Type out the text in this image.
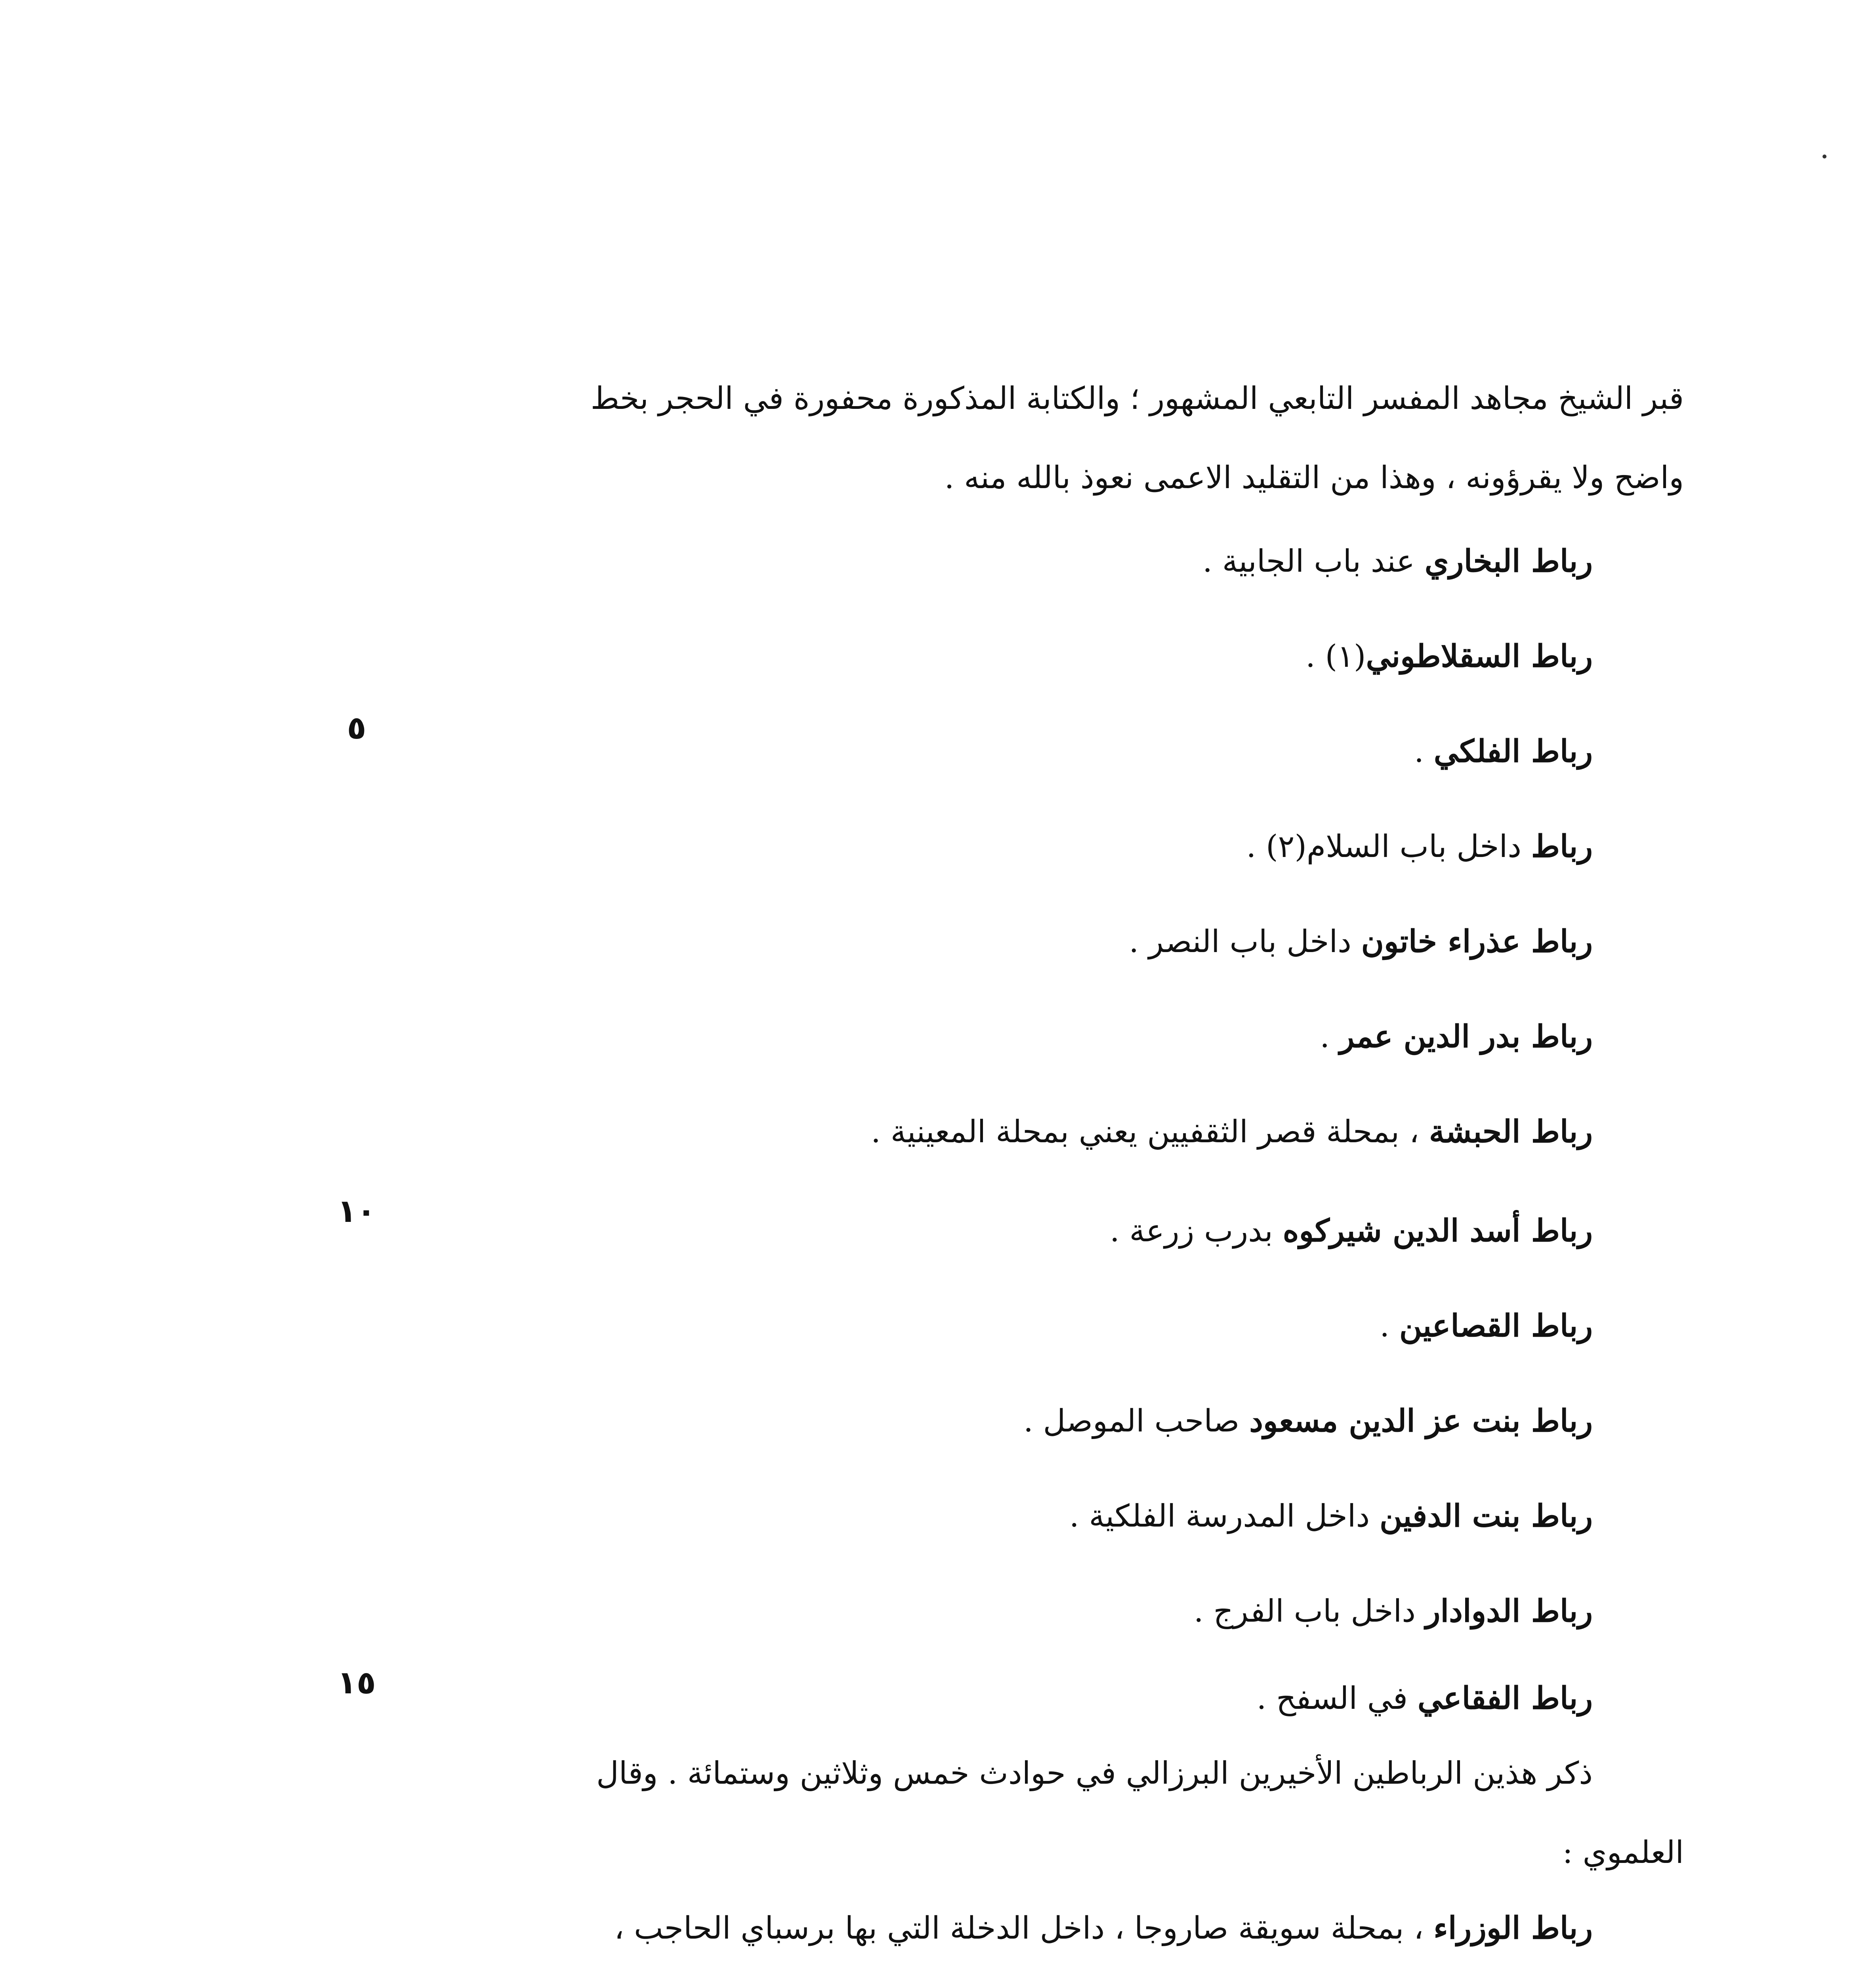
قبر الشيخ مجاهد المفسر التابعي المشهور ؛ والكتابة المذكورة محفورة في الحجر بخط
واضح ولا يقرؤونه ، وهذا من التقليد الاعمى نعوذ بالله منه .
رباط البخاري عند باب الجابية .
رباط السقلاطوني(١) .
رباط الفلكي .
٥
رباط داخل باب السلام(٢) .
رباط عذراء خاتون داخل باب النصر .
رباط بدر الدين عمر .
رباط الحبشة ، بمحلة قصر الثقفيين يعني بمحلة المعينية .
١٠
رباط أسد الدين شيركوه بدرب زرعة .
رباط القصاعين .
رباط بنت عز الدين مسعود صاحب الموصل .
رباط بنت الدفين داخل المدرسة الفلكية .
رباط الدوادار داخل باب الفرج .
١٥	رباط الفقاعي في السفح .
ذكر هذين الرباطين الأخيرين البرزالي في حوادث خمس وثلاثين وستمائة . وقال
العلموي :
رباط الوزراء ، بمحلة سويقة صاروجا ، داخل الدخلة التي بها برسباي الحاجب ،
